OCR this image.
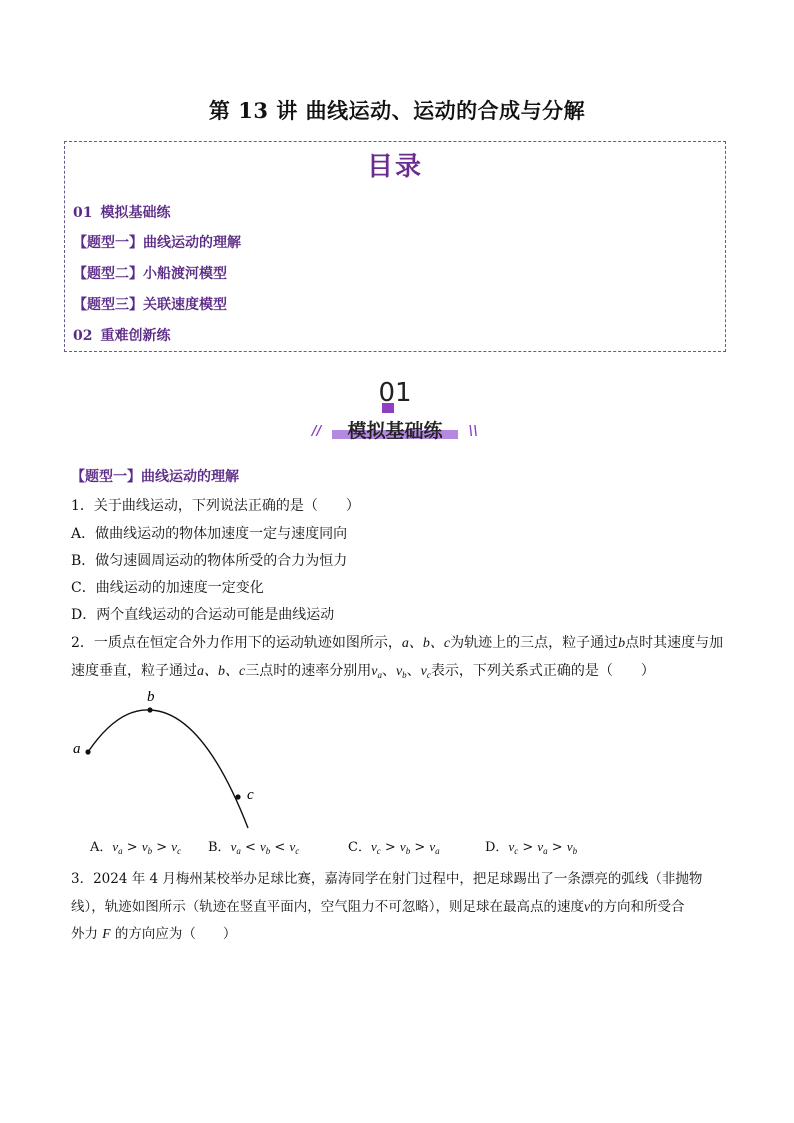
第 13 讲 曲线运动、运动的合成与分解
目录
01 模拟基础练
【题型一】曲线运动的理解
【题型二】小船渡河模型
【题型三】关联速度模型
02 重难创新练
01
//	模拟基础练	\\
【题型一】曲线运动的理解
1．关于曲线运动，下列说法正确的是（　　）
A．做曲线运动的物体加速度一定与速度同向
B．做匀速圆周运动的物体所受的合力为恒力
C．曲线运动的加速度一定变化
D．两个直线运动的合运动可能是曲线运动
2．一质点在恒定合外力作用下的运动轨迹如图所示，a、b、c为轨迹上的三点，粒子通过b点时其速度与加
速度垂直，粒子通过a、b、c三点时的速率分别用$v_a$、$v_b$、$v_c$表示，下列关系式正确的是（　　）
a
b
c
A．$v_a > v_b > v_c$ B．$v_a < v_b < v_c$	C．$v_c > v_b > v_a$	D．$v_c > v_a > v_b$
3．2024 年 4 月梅州某校举办足球比赛，嘉涛同学在射门过程中，把足球踢出了一条漂亮的弧线（非抛物
线），轨迹如图所示（轨迹在竖直平面内，空气阻力不可忽略），则足球在最高点的速度v的方向和所受合
外力 F 的方向应为（　　）
